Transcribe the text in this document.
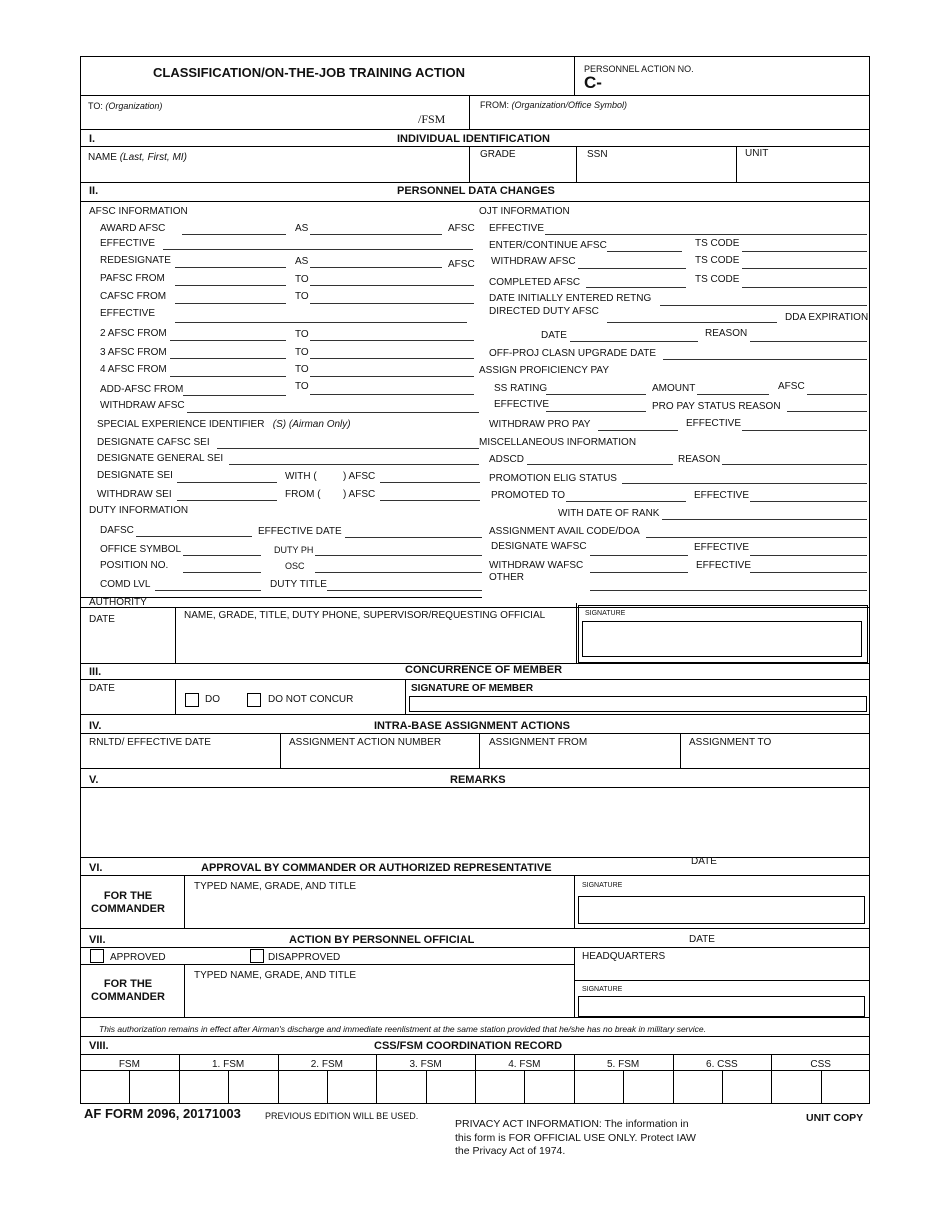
CLASSIFICATION/ON-THE-JOB TRAINING ACTION	PERSONNEL ACTION NO.
C-
TO: (Organization)
/FSM
FROM: (Organization/Office Symbol)
I.	INDIVIDUAL IDENTIFICATION
NAME (Last, First, MI)	GRADE	SSN	UNIT
II.	PERSONNEL DATA CHANGES
AFSC INFORMATION
AWARD AFSC	AS	AFSC
EFFECTIVE
REDESIGNATE	AS	AFSC
PAFSC FROM	TO
CAFSC FROM	TO
EFFECTIVE
2 AFSC FROM	TO
3 AFSC FROM	TO
4 AFSC FROM	TO
ADD-AFSC FROM	TO
WITHDRAW AFSC
SPECIAL EXPERIENCE IDENTIFIER (S) (Airman Only)
DESIGNATE CAFSC SEI
DESIGNATE GENERAL SEI
DESIGNATE SEI	WITH (	) AFSC
WITHDRAW SEI	FROM ( ) AFSC
DUTY INFORMATION
DAFSC	EFFECTIVE DATE
OFFICE SYMBOL	DUTY PH
POSITION NO.	OSC
COMD LVL	DUTY TITLE
OJT INFORMATION
EFFECTIVE
ENTER/CONTINUE AFSC	TS CODE
WITHDRAW AFSC	TS CODE
COMPLETED AFSC	TS CODE
DATE INITIALLY ENTERED RETNG
DIRECTED DUTY AFSC
DDA EXPIRATION
DATE	REASON
OFF-PROJ CLASN UPGRADE DATE
ASSIGN PROFICIENCY PAY
SS RATING	AMOUNT	AFSC
EFFECTIVE	PRO PAY STATUS REASON
WITHDRAW PRO PAY	EFFECTIVE
MISCELLANEOUS INFORMATION
ADSCD	REASON
PROMOTION ELIG STATUS
PROMOTED TO	EFFECTIVE
WITH DATE OF RANK
ASSIGNMENT AVAIL CODE/DOA
DESIGNATE WAFSC	EFFECTIVE
WITHDRAW WAFSC	EFFECTIVE
OTHER
AUTHORITY
DATE	NAME, GRADE, TITLE, DUTY PHONE, SUPERVISOR/REQUESTING OFFICIAL	SIGNATURE
III.	CONCURRENCE OF MEMBER
DATE
DO	DO NOT CONCUR
SIGNATURE OF MEMBER
IV.	INTRA-BASE ASSIGNMENT ACTIONS
RNLTD/ EFFECTIVE DATE	ASSIGNMENT ACTION NUMBER	ASSIGNMENT FROM	ASSIGNMENT TO
V.	REMARKS
VI.	APPROVAL BY COMMANDER OR AUTHORIZED REPRESENTATIVE
DATE
FOR THE
COMMANDER
TYPED NAME, GRADE, AND TITLE	SIGNATURE
VII.	ACTION BY PERSONNEL OFFICIAL	DATE
APPROVED	DISAPPROVED	HEADQUARTERS
FOR THE
COMMANDER
TYPED NAME, GRADE, AND TITLE
SIGNATURE
This authorization remains in effect after Airman's discharge and immediate reenlistment at the same station provided that he/she has no break in military service.
VIII.	CSS/FSM COORDINATION RECORD
FSM	1. FSM	2. FSM	3. FSM	4. FSM	5. FSM	6. CSS	CSS
AF FORM 2096, 20171003	PREVIOUS EDITION WILL BE USED.
PRIVACY ACT INFORMATION: The information in
this form is FOR OFFICIAL USE ONLY. Protect IAW
the Privacy Act of 1974.
UNIT COPY
